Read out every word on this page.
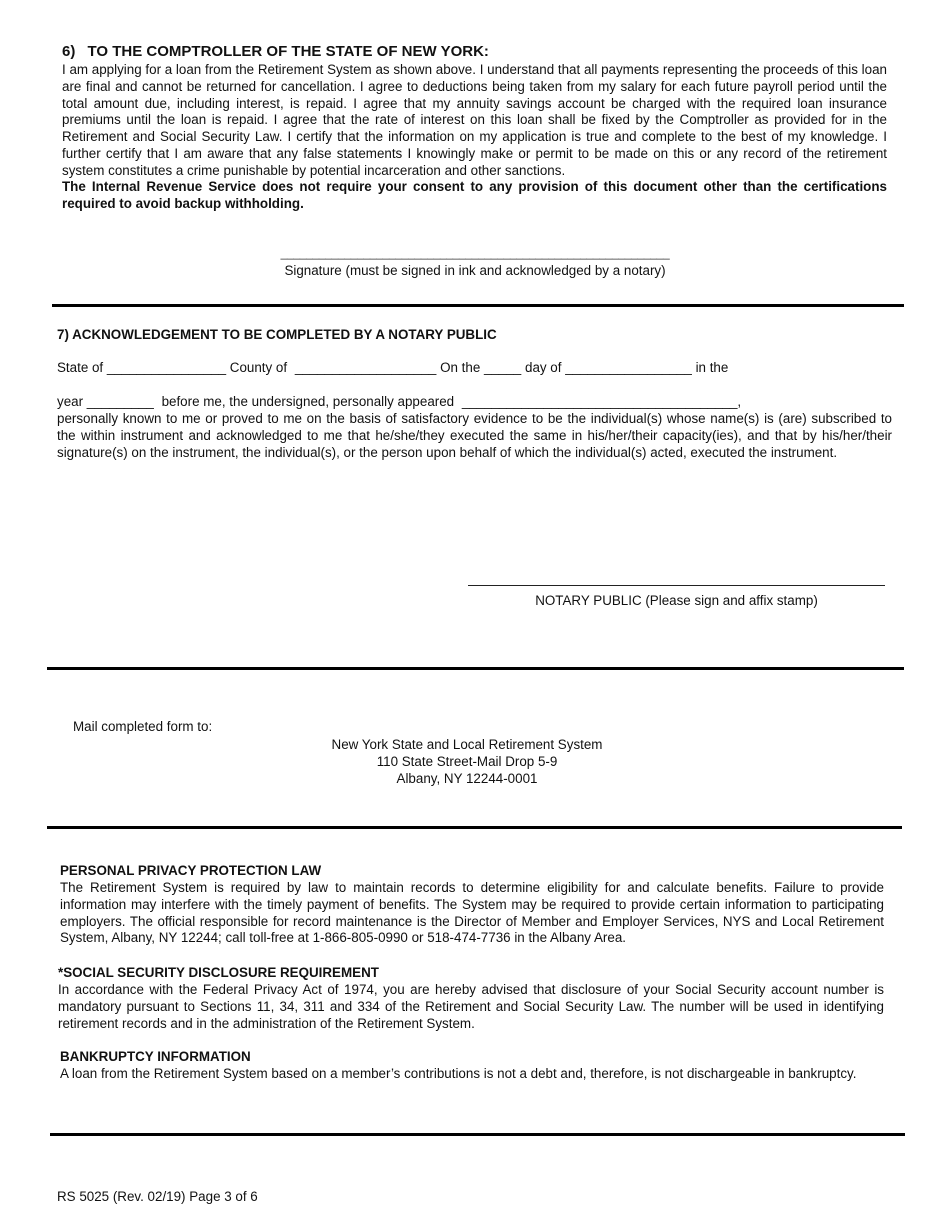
6) TO THE COMPTROLLER OF THE STATE OF NEW YORK:
I am applying for a loan from the Retirement System as shown above. I understand that all payments representing the proceeds of this loan are final and cannot be returned for cancellation. I agree to deductions being taken from my salary for each future payroll period until the total amount due, including interest, is repaid. I agree that my annuity savings account be charged with the required loan insurance premiums until the loan is repaid. I agree that the rate of interest on this loan shall be fixed by the Comptroller as provided for in the Retirement and Social Security Law. I certify that the information on my application is true and complete to the best of my knowledge. I further certify that I am aware that any false statements I knowingly make or permit to be made on this or any record of the retirement system constitutes a crime punishable by potential incarceration and other sanctions.
The Internal Revenue Service does not require your consent to any provision of this document other than the certifications required to avoid backup withholding.
_____________________________________________________________
Signature (must be signed in ink and acknowledged by a notary)
7) ACKNOWLEDGEMENT TO BE COMPLETED BY A NOTARY PUBLIC
State of ________________ County of ___________________ On the _____ day of _________________ in the
year _________ before me, the undersigned, personally appeared _____________________________________,
personally known to me or proved to me on the basis of satisfactory evidence to be the individual(s) whose name(s) is (are) subscribed to the within instrument and acknowledged to me that he/she/they executed the same in his/her/their capacity(ies), and that by his/her/their signature(s) on the instrument, the individual(s), or the person upon behalf of which the individual(s) acted, executed the instrument.
NOTARY PUBLIC (Please sign and affix stamp)
Mail completed form to:
New York State and Local Retirement System
110 State Street-Mail Drop 5-9
Albany, NY 12244-0001
PERSONAL PRIVACY PROTECTION LAW
The Retirement System is required by law to maintain records to determine eligibility for and calculate benefits. Failure to provide information may interfere with the timely payment of benefits. The System may be required to provide certain information to participating employers. The official responsible for record maintenance is the Director of Member and Employer Services, NYS and Local Retirement System, Albany, NY 12244; call toll-free at 1-866-805-0990 or 518-474-7736 in the Albany Area.
*SOCIAL SECURITY DISCLOSURE REQUIREMENT
In accordance with the Federal Privacy Act of 1974, you are hereby advised that disclosure of your Social Security account number is mandatory pursuant to Sections 11, 34, 311 and 334 of the Retirement and Social Security Law. The number will be used in identifying retirement records and in the administration of the Retirement System.
BANKRUPTCY INFORMATION
A loan from the Retirement System based on a member’s contributions is not a debt and, therefore, is not dischargeable in bankruptcy.
RS 5025 (Rev. 02/19) Page 3 of 6
